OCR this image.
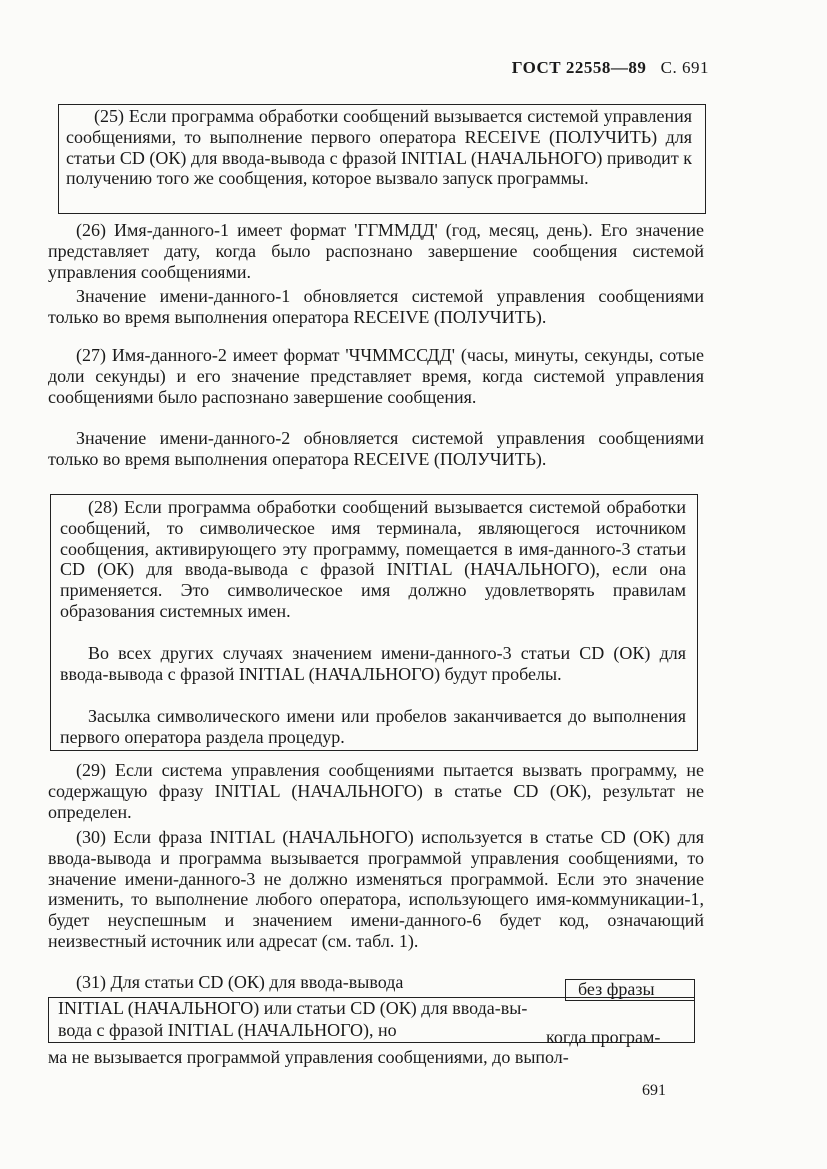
ГОСТ 22558—89 С. 691

(25) Если программа обработки сообщений вызывается системой управления сообщениями, то выполнение первого оператора RECEIVE (ПОЛУЧИТЬ) для статьи CD (ОК) для ввода-вывода с фразой INITIAL (НАЧАЛЬНОГО) приводит к получению того же сообщения, которое вызвало запуск программы.

(26) Имя-данного-1 имеет формат 'ГГММДД' (год, месяц, день). Его значение представляет дату, когда было распознано завершение сообщения системой управления сообщениями.

Значение имени-данного-1 обновляется системой управления сообщениями только во время выполнения оператора RECEIVE (ПОЛУЧИТЬ).

(27) Имя-данного-2 имеет формат 'ЧЧММССДД' (часы, минуты, секунды, сотые доли секунды) и его значение представляет время, когда системой управления сообщениями было распознано завершение сообщения.

Значение имени-данного-2 обновляется системой управления сообщениями только во время выполнения оператора RECEIVE (ПОЛУЧИТЬ).

(28) Если программа обработки сообщений вызывается системой обработки сообщений, то символическое имя терминала, являющегося источником сообщения, активирующего эту программу, помещается в имя-данного-3 статьи CD (ОК) для ввода-вывода с фразой INITIAL (НАЧАЛЬНОГО), если она применяется. Это символическое имя должно удовлетворять правилам образования системных имен.

Во всех других случаях значением имени-данного-3 статьи CD (ОК) для ввода-вывода с фразой INITIAL (НАЧАЛЬНОГО) будут пробелы.

Засылка символического имени или пробелов заканчивается до выполнения первого оператора раздела процедур.

(29) Если система управления сообщениями пытается вызвать программу, не содержащую фразу INITIAL (НАЧАЛЬНОГО) в статье CD (ОК), результат не определен.

(30) Если фраза INITIAL (НАЧАЛЬНОГО) используется в статье CD (ОК) для ввода-вывода и программа вызывается программой управления сообщениями, то значение имени-данного-3 не должно изменяться программой. Если это значение изменить, то выполнение любого оператора, использующего имя-коммуникации-1, будет неуспешным и значением имени-данного-6 будет код, означающий неизвестный источник или адресат (см. табл. 1).

(31) Для статьи CD (ОК) для ввода-вывода	без фразы
INITIAL (НАЧАЛЬНОГО) или статьи CD (ОК) для ввода-вы-
вода с фразой INITIAL (НАЧАЛЬНОГО), но	когда програм-
ма не вызывается программой управления сообщениями, до выпол-
691
